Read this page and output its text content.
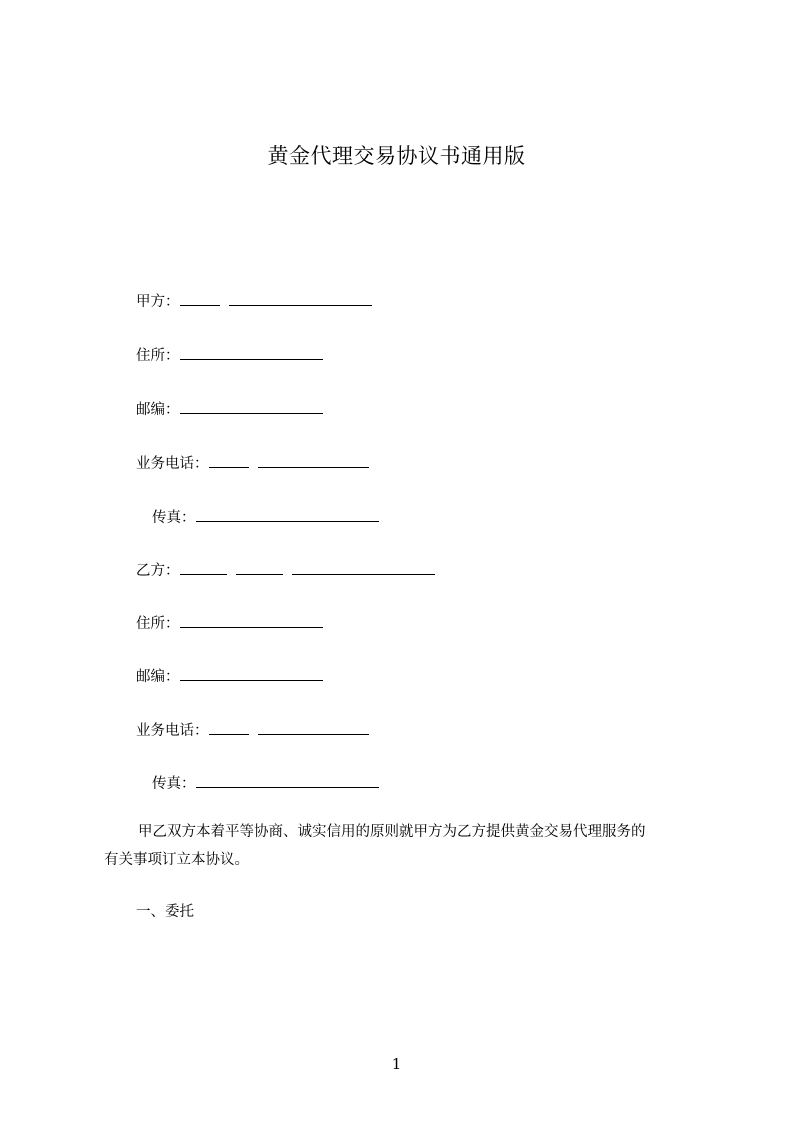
黄金代理交易协议书通用版
甲方：
住所：
邮编：
业务电话：
传真：
乙方：
住所：
邮编：
业务电话：
传真：

甲乙双方本着平等协商、诚实信用的原则就甲方为乙方提供黄金交易代理服务的

有关事项订立本协议。

一、委托
1
